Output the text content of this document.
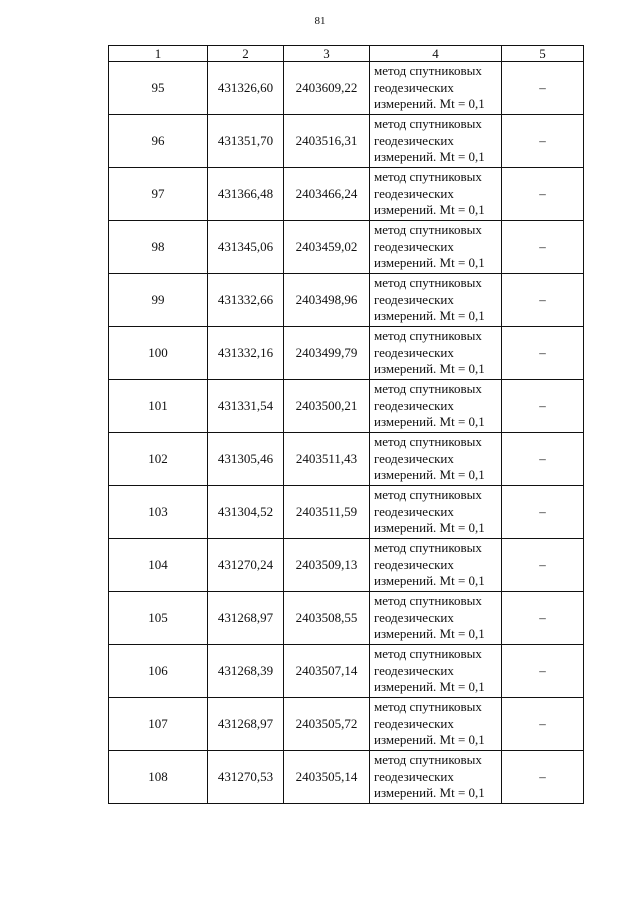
81
1	2	3	4	5
95	431326,60	2403609,22	метод спутниковых
геодезических
измерений. Mt = 0,1	–
96	431351,70	2403516,31	метод спутниковых
геодезических
измерений. Mt = 0,1	–
97	431366,48	2403466,24	метод спутниковых
геодезических
измерений. Mt = 0,1	–
98	431345,06	2403459,02	метод спутниковых
геодезических
измерений. Mt = 0,1	–
99	431332,66	2403498,96	метод спутниковых
геодезических
измерений. Mt = 0,1	–
100	431332,16	2403499,79	метод спутниковых
геодезических
измерений. Mt = 0,1	–
101	431331,54	2403500,21	метод спутниковых
геодезических
измерений. Mt = 0,1	–
102	431305,46	2403511,43	метод спутниковых
геодезических
измерений. Mt = 0,1	–
103	431304,52	2403511,59	метод спутниковых
геодезических
измерений. Mt = 0,1	–
104	431270,24	2403509,13	метод спутниковых
геодезических
измерений. Mt = 0,1	–
105	431268,97	2403508,55	метод спутниковых
геодезических
измерений. Mt = 0,1	–
106	431268,39	2403507,14	метод спутниковых
геодезических
измерений. Mt = 0,1	–
107	431268,97	2403505,72	метод спутниковых
геодезических
измерений. Mt = 0,1	–
108	431270,53	2403505,14	метод спутниковых
геодезических
измерений. Mt = 0,1	–
